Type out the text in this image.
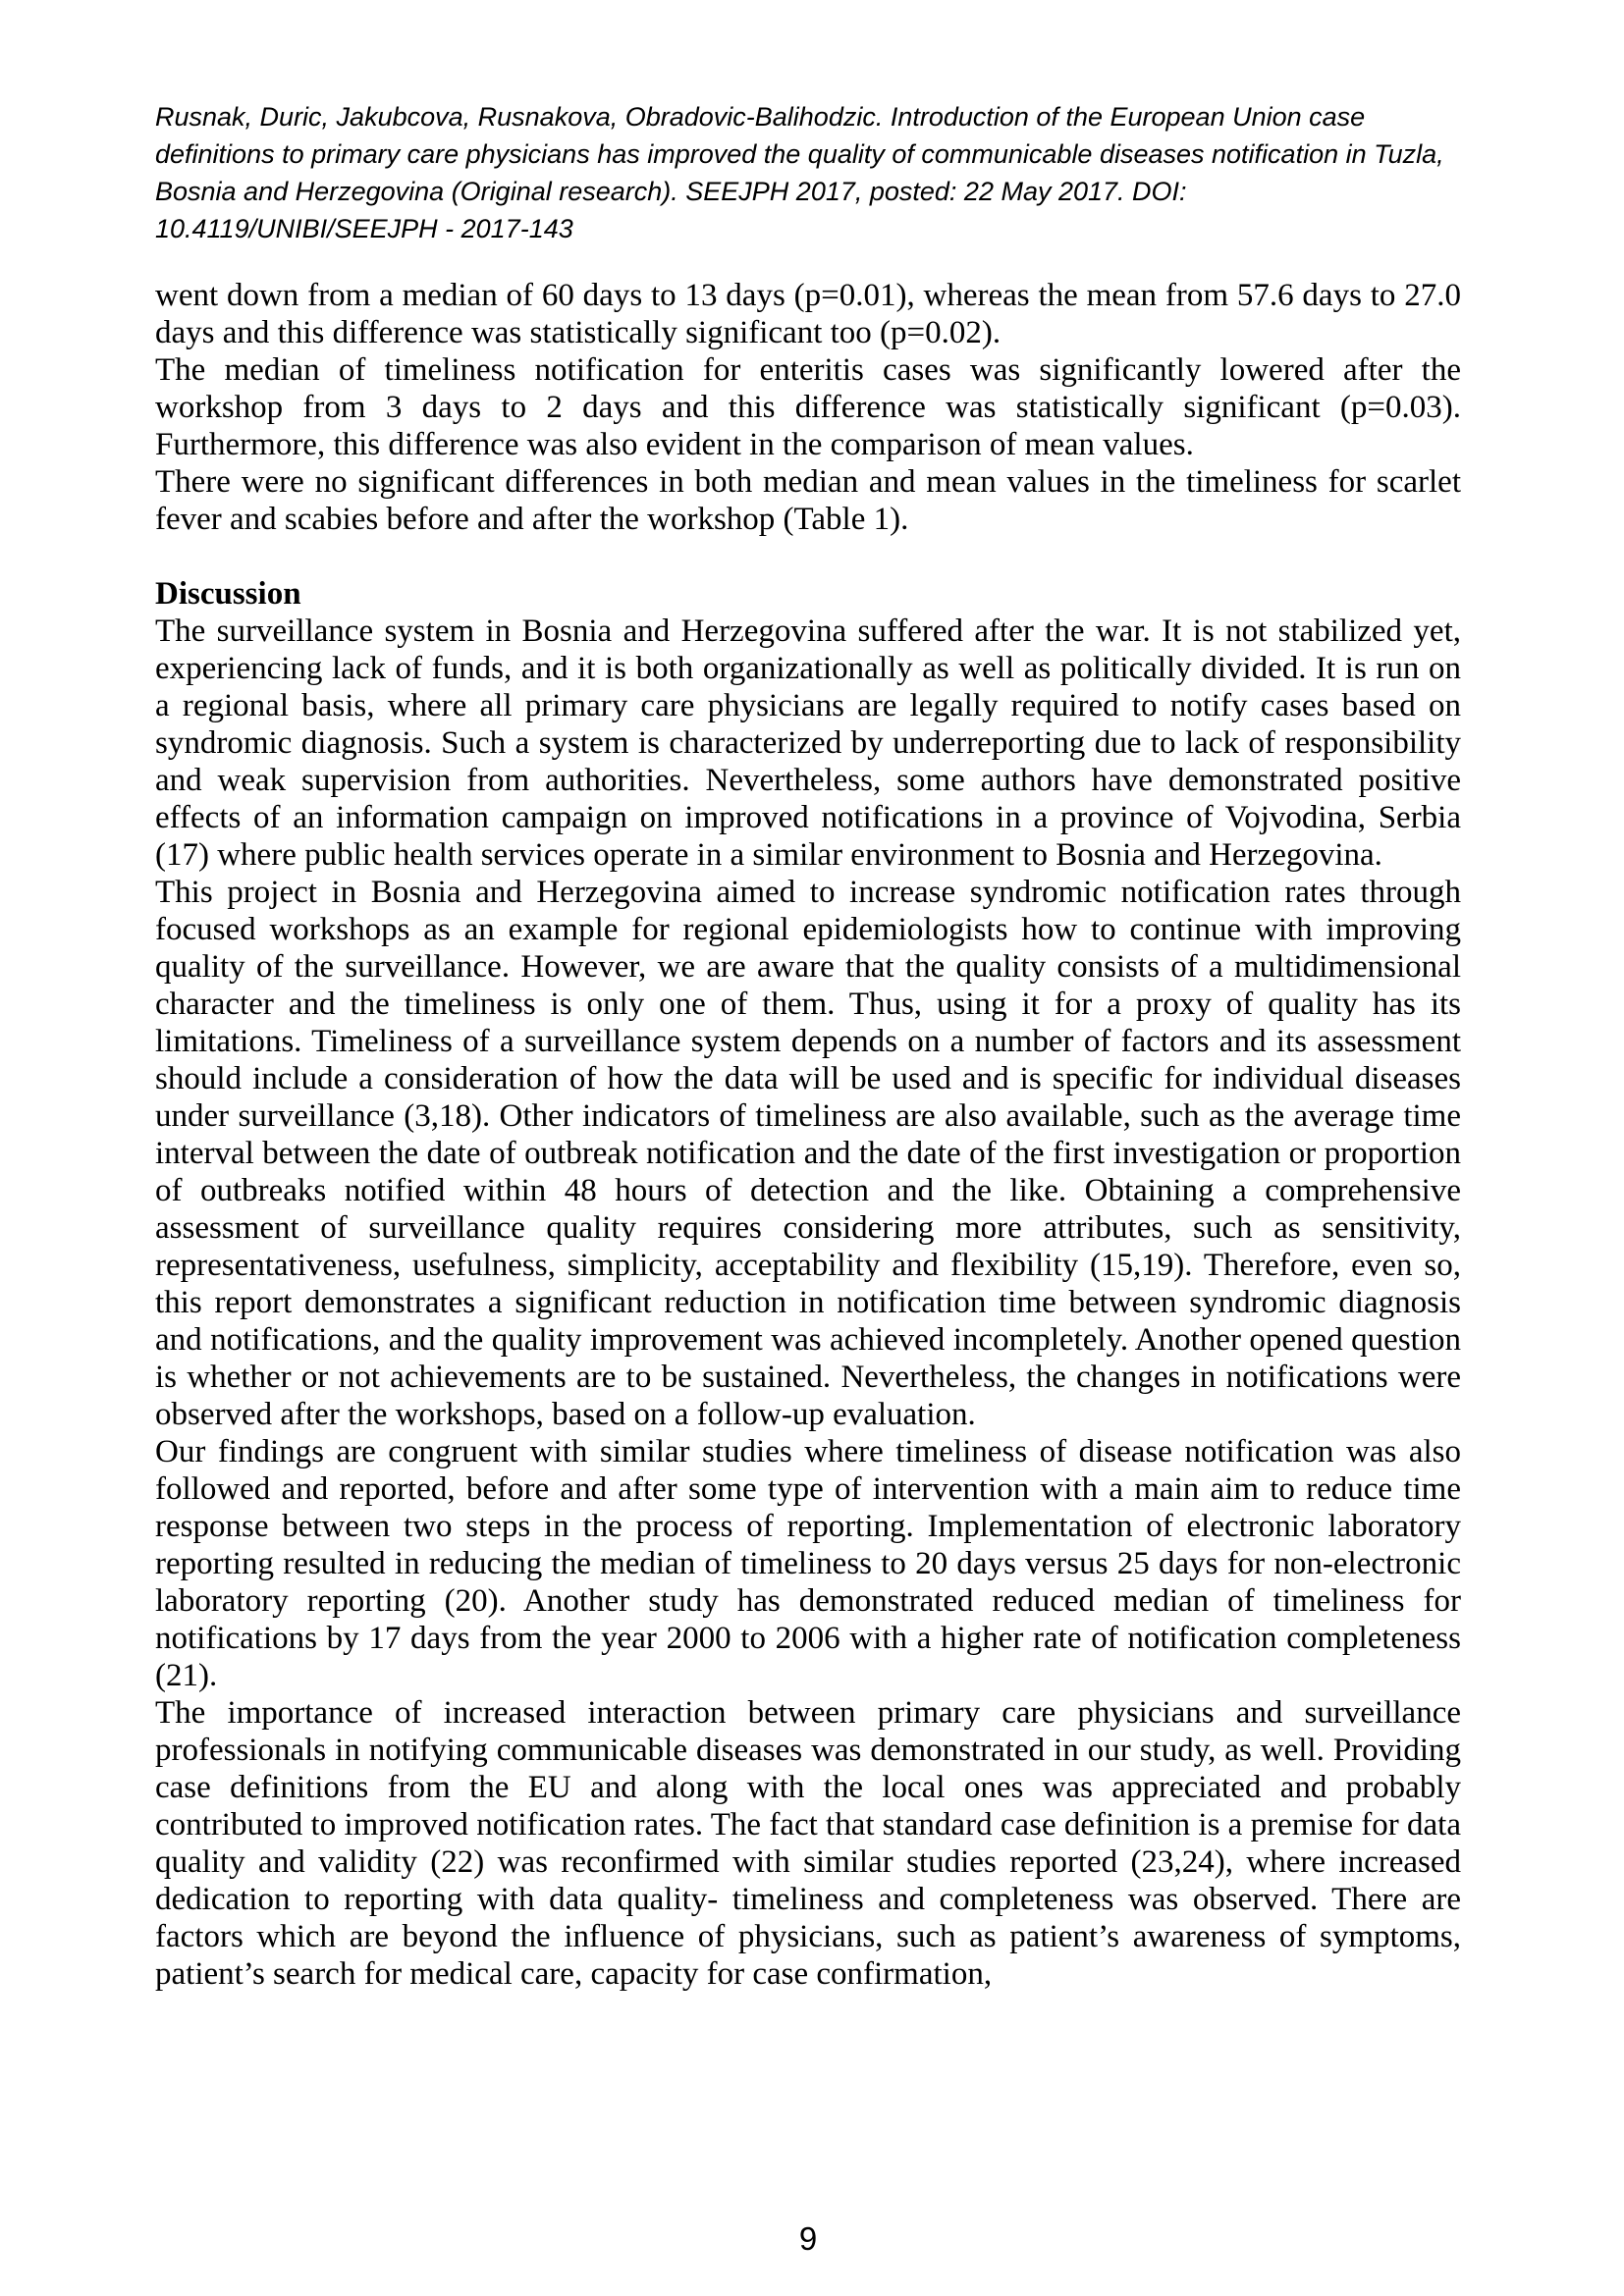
Rusnak, Duric, Jakubcova, Rusnakova, Obradovic-Balihodzic. Introduction of the European Union case definitions to primary care physicians has improved the quality of communicable diseases notification in Tuzla, Bosnia and Herzegovina (Original research). SEEJPH 2017, posted: 22 May 2017. DOI: 10.4119/UNIBI/SEEJPH - 2017-143

went down from a median of 60 days to 13 days (p=0.01), whereas the mean from 57.6 days to 27.0 days and this difference was statistically significant too (p=0.02).

The median of timeliness notification for enteritis cases was significantly lowered after the workshop from 3 days to 2 days and this difference was statistically significant (p=0.03). Furthermore, this difference was also evident in the comparison of mean values.

There were no significant differences in both median and mean values in the timeliness for scarlet fever and scabies before and after the workshop (Table 1).

Discussion

The surveillance system in Bosnia and Herzegovina suffered after the war. It is not stabilized yet, experiencing lack of funds, and it is both organizationally as well as politically divided. It is run on a regional basis, where all primary care physicians are legally required to notify cases based on syndromic diagnosis. Such a system is characterized by underreporting due to lack of responsibility and weak supervision from authorities. Nevertheless, some authors have demonstrated positive effects of an information campaign on improved notifications in a province of Vojvodina, Serbia (17) where public health services operate in a similar environment to Bosnia and Herzegovina.

This project in Bosnia and Herzegovina aimed to increase syndromic notification rates through focused workshops as an example for regional epidemiologists how to continue with improving quality of the surveillance. However, we are aware that the quality consists of a multidimensional character and the timeliness is only one of them. Thus, using it for a proxy of quality has its limitations. Timeliness of a surveillance system depends on a number of factors and its assessment should include a consideration of how the data will be used and is specific for individual diseases under surveillance (3,18). Other indicators of timeliness are also available, such as the average time interval between the date of outbreak notification and the date of the first investigation or proportion of outbreaks notified within 48 hours of detection and the like. Obtaining a comprehensive assessment of surveillance quality requires considering more attributes, such as sensitivity, representativeness, usefulness, simplicity, acceptability and flexibility (15,19). Therefore, even so, this report demonstrates a significant reduction in notification time between syndromic diagnosis and notifications, and the quality improvement was achieved incompletely. Another opened question is whether or not achievements are to be sustained. Nevertheless, the changes in notifications were observed after the workshops, based on a follow-up evaluation.

Our findings are congruent with similar studies where timeliness of disease notification was also followed and reported, before and after some type of intervention with a main aim to reduce time response between two steps in the process of reporting. Implementation of electronic laboratory reporting resulted in reducing the median of timeliness to 20 days versus 25 days for non-electronic laboratory reporting (20). Another study has demonstrated reduced median of timeliness for notifications by 17 days from the year 2000 to 2006 with a higher rate of notification completeness (21).

The importance of increased interaction between primary care physicians and surveillance professionals in notifying communicable diseases was demonstrated in our study, as well. Providing case definitions from the EU and along with the local ones was appreciated and probably contributed to improved notification rates. The fact that standard case definition is a premise for data quality and validity (22) was reconfirmed with similar studies reported (23,24), where increased dedication to reporting with data quality- timeliness and completeness was observed. There are factors which are beyond the influence of physicians, such as patient’s awareness of symptoms, patient’s search for medical care, capacity for case confirmation,

9
